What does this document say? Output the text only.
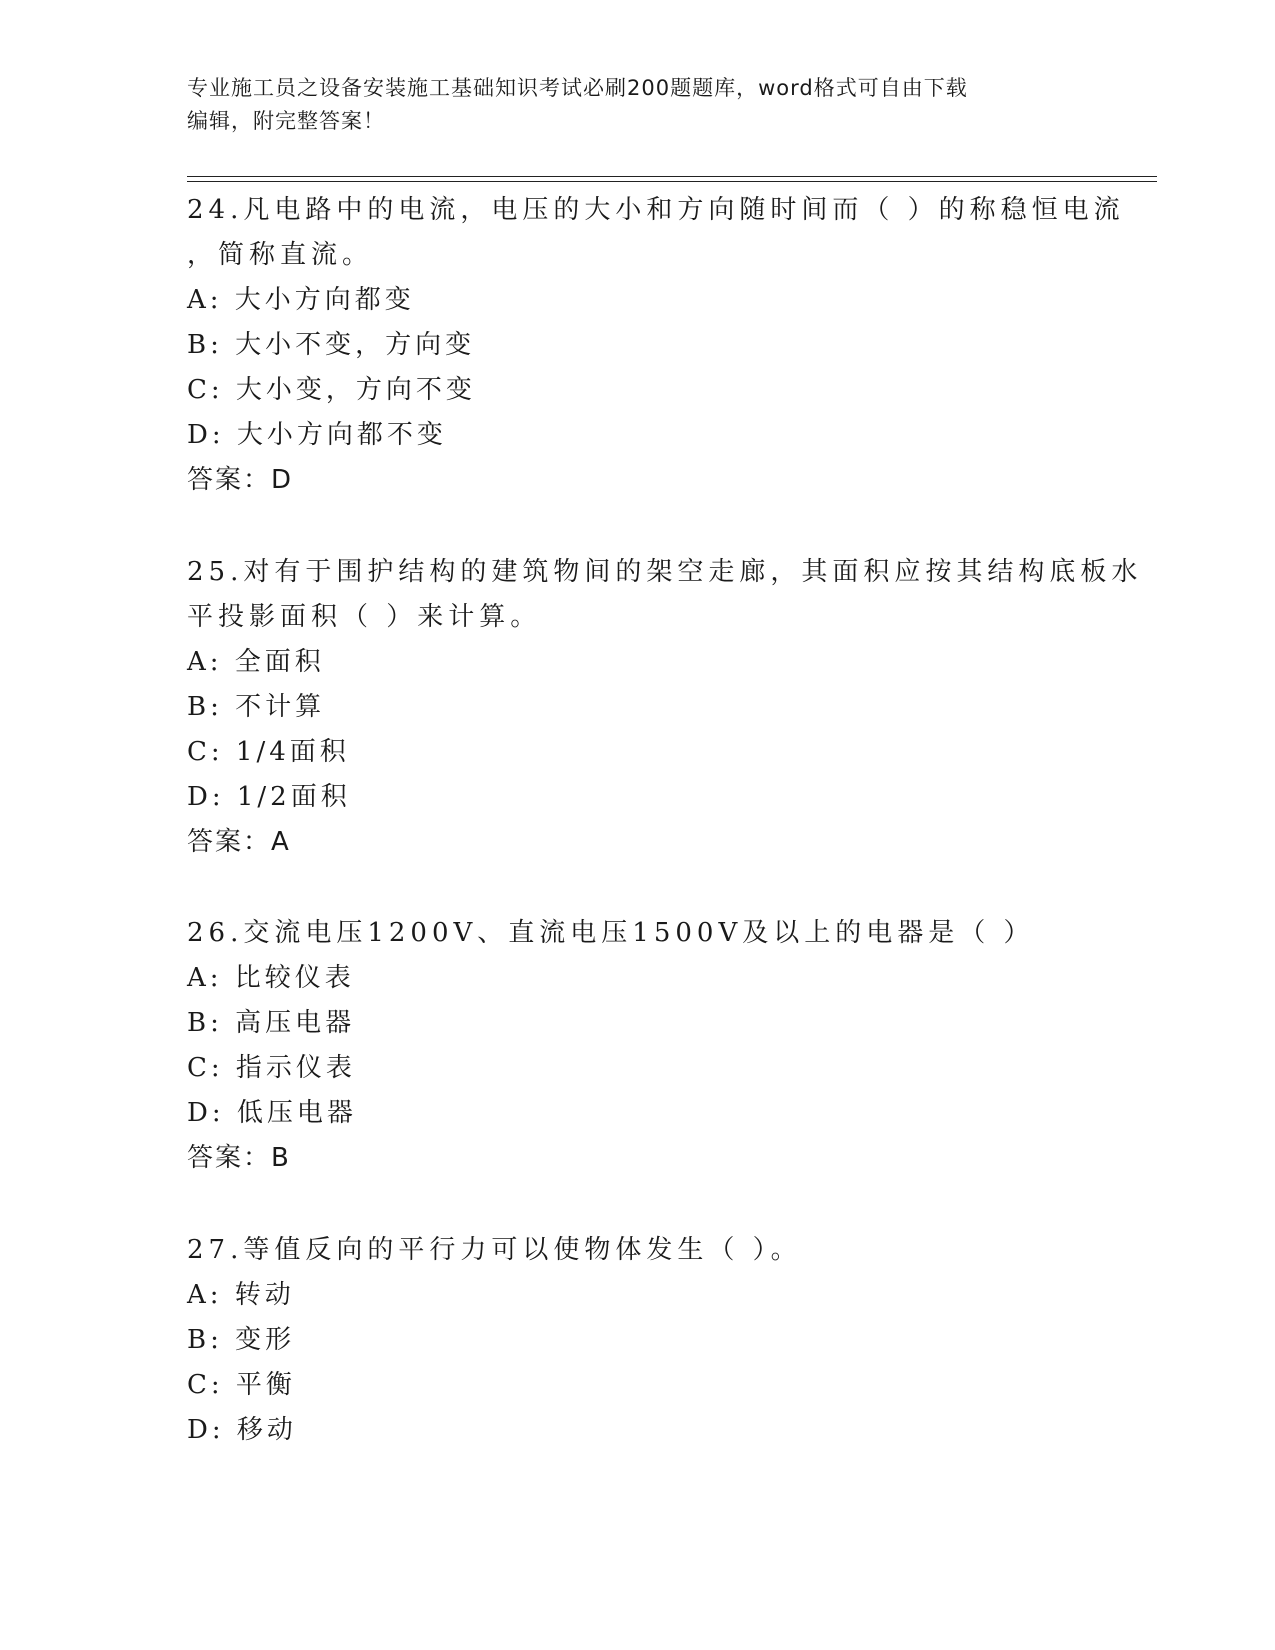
专业施工员之设备安装施工基础知识考试必刷200题题库，word格式可自由下载
编辑，附完整答案！
24.凡电路中的电流，电压的大小和方向随时间而（ ）的称稳恒电流
，简称直流。
A: 大小方向都变
B: 大小不变，方向变
C: 大小变，方向不变
D: 大小方向都不变
答案：D
25.对有于围护结构的建筑物间的架空走廊，其面积应按其结构底板水
平投影面积（ ）来计算。
A: 全面积
B: 不计算
C: 1/4面积
D: 1/2面积
答案：A
26.交流电压1200V、直流电压1500V及以上的电器是（ ）
A: 比较仪表
B: 高压电器
C: 指示仪表
D: 低压电器
答案：B
27.等值反向的平行力可以使物体发生（ ）。
A: 转动
B: 变形
C: 平衡
D: 移动
